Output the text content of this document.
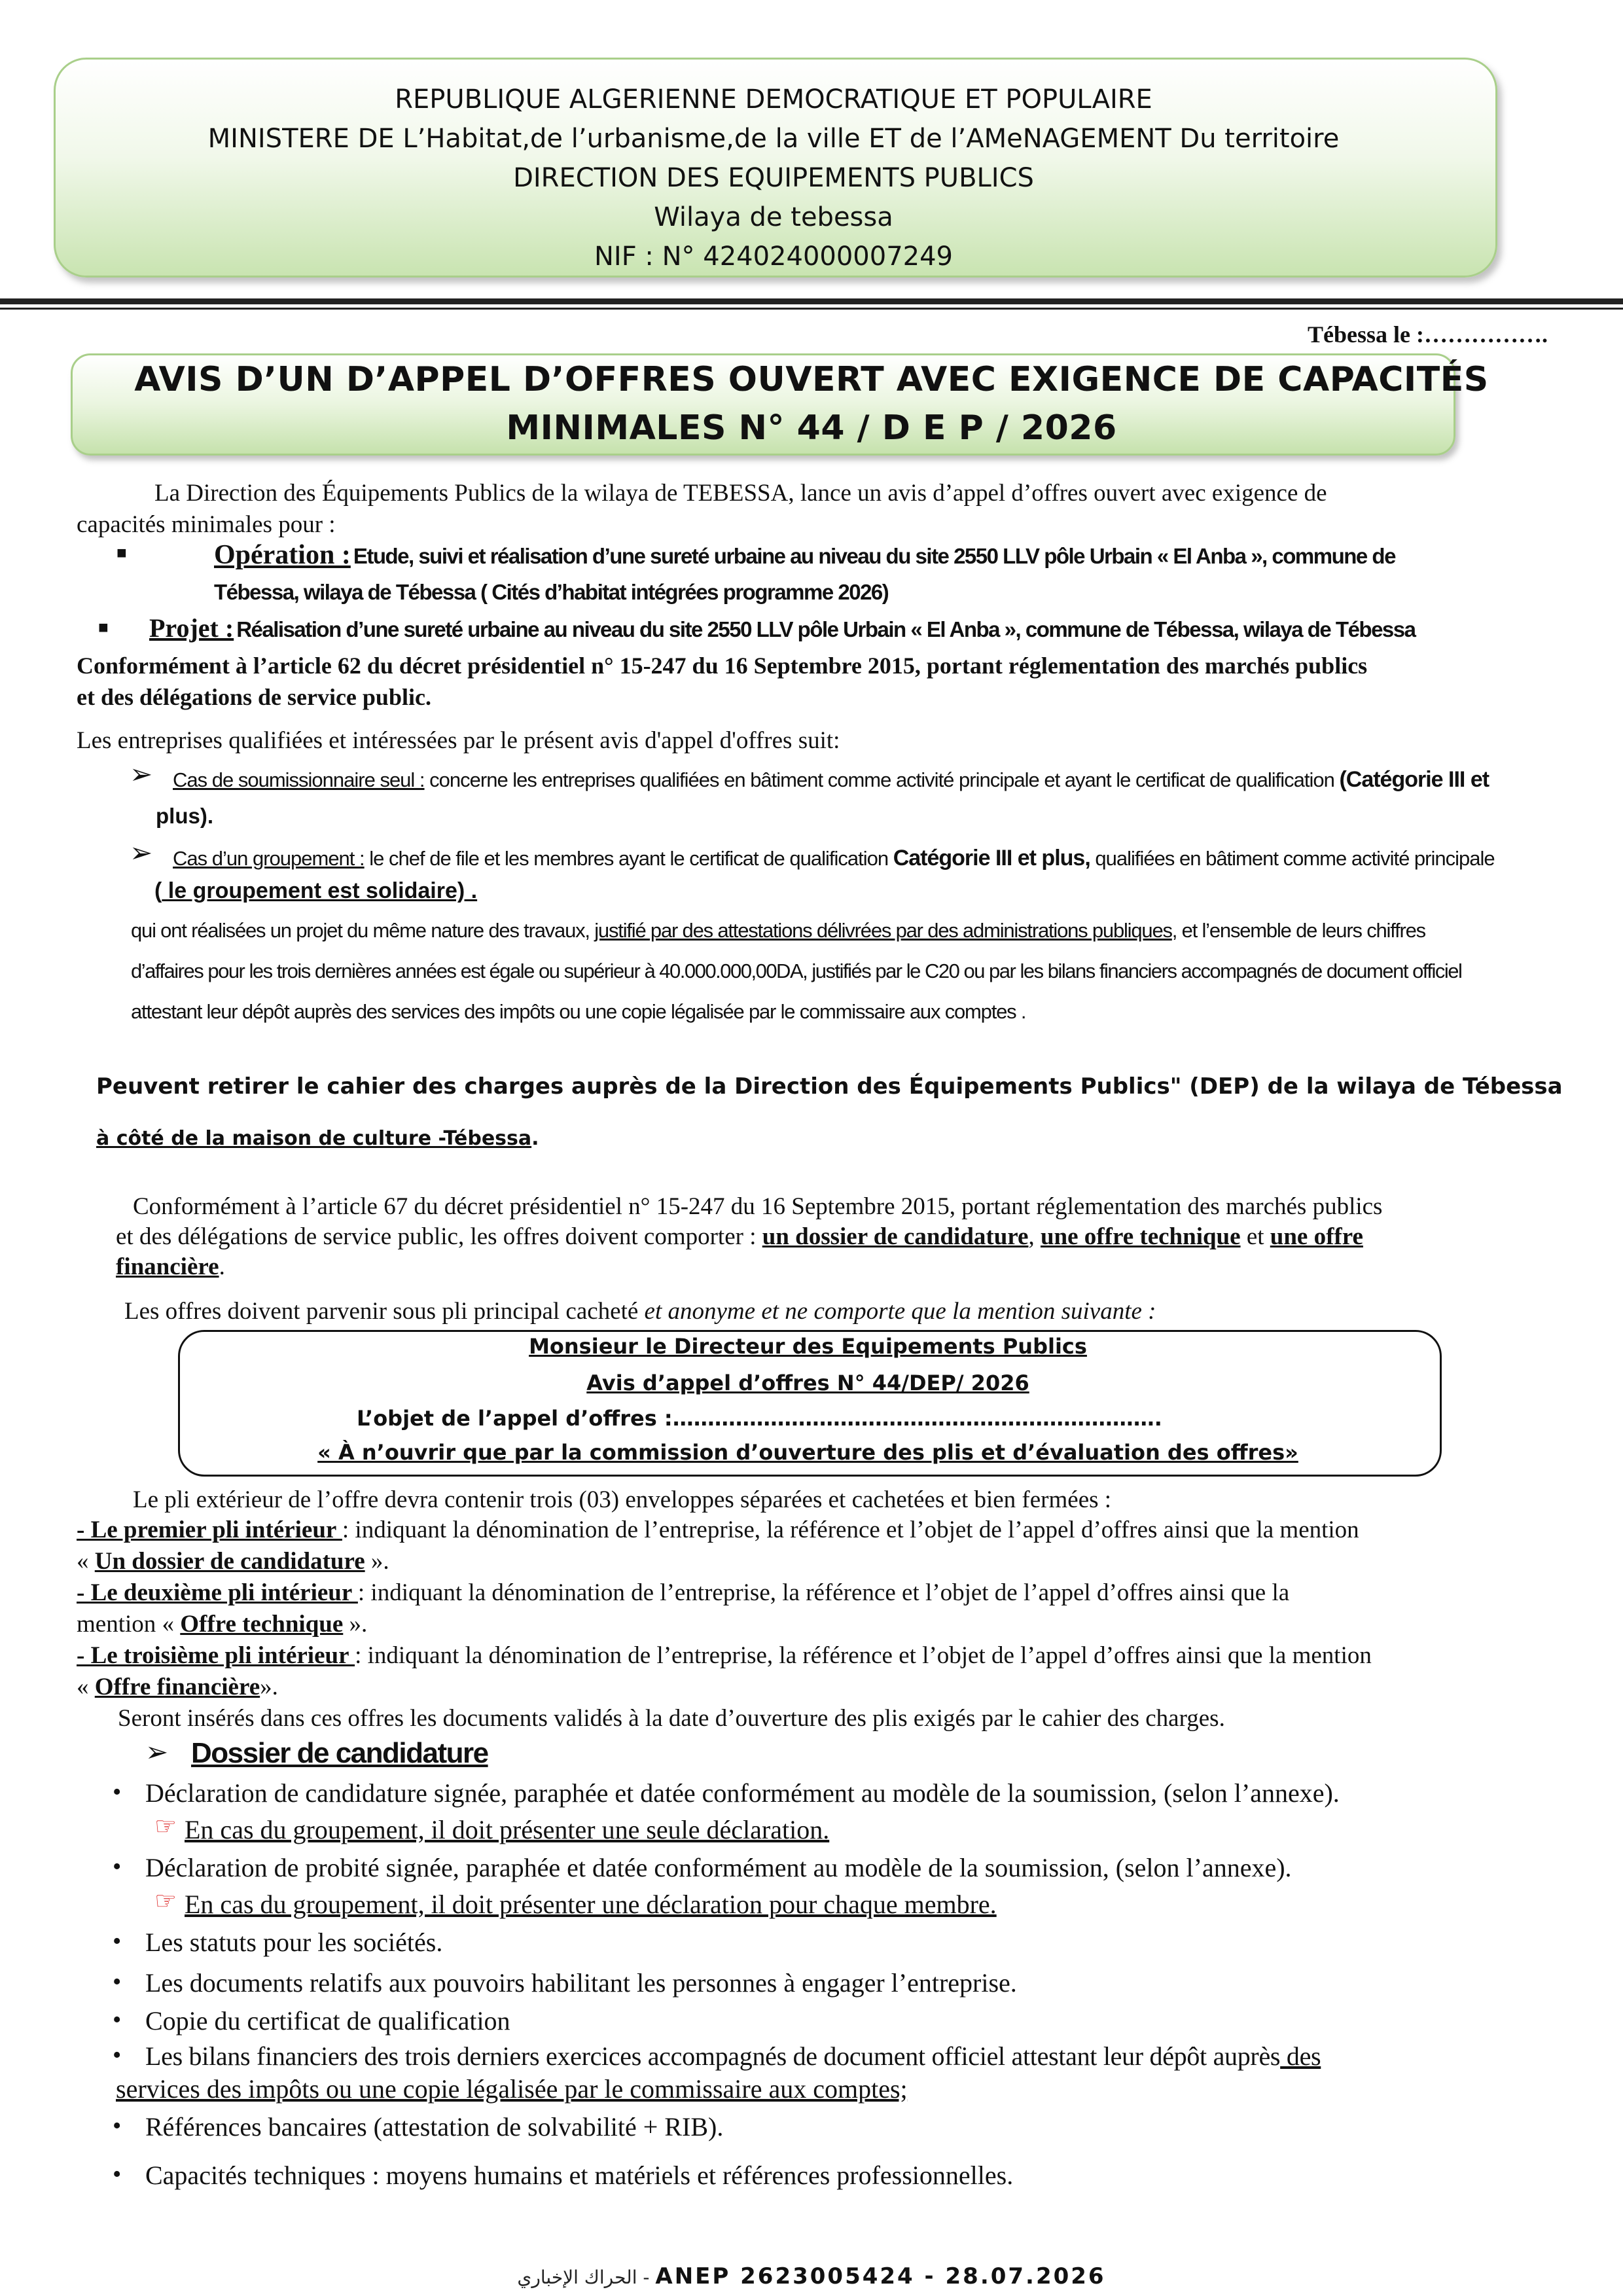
REPUBLIQUE ALGERIENNE DEMOCRATIQUE ET POPULAIRE
MINISTERE DE L’Habitat,de l’urbanisme,de la ville ET de l’AMeNAGEMENT Du territoire
DIRECTION DES EQUIPEMENTS PUBLICS
Wilaya de tebessa
NIF : N° 424024000007249
Tébessa le :…………….
AVIS D’UN D’APPEL D’OFFRES OUVERT AVEC EXIGENCE DE CAPACITÉS
MINIMALES N° 44 / D E P / 2026
La Direction des Équipements Publics de la wilaya de TEBESSA, lance un avis d’appel d’offres ouvert avec exigence de
capacités minimales pour :
■	Opération : Etude, suivi et réalisation d’une sureté urbaine au niveau du site 2550 LLV pôle Urbain « El Anba », commune de
Tébessa, wilaya de Tébessa ( Cités d’habitat intégrées programme 2026)
■ Projet : Réalisation d’une sureté urbaine au niveau du site 2550 LLV pôle Urbain « El Anba », commune de Tébessa, wilaya de Tébessa
Conformément à l’article 62 du décret présidentiel n° 15-247 du 16 Septembre 2015, portant réglementation des marchés publics
et des délégations de service public.
Les entreprises qualifiées et intéressées par le présent avis d'appel d'offres suit:
➢ Cas de soumissionnaire seul : concerne les entreprises qualifiées en bâtiment comme activité principale et ayant le certificat de qualification (Catégorie III et
plus).
➢ Cas d’un groupement : le chef de file et les membres ayant le certificat de qualification Catégorie III et plus, qualifiées en bâtiment comme activité principale
( le groupement est solidaire) .
qui ont réalisées un projet du même nature des travaux, justifié par des attestations délivrées par des administrations publiques, et l’ensemble de leurs chiffres
d’affaires pour les trois dernières années est égale ou supérieur à 40.000.000,00DA, justifiés par le C20 ou par les bilans financiers accompagnés de document officiel
attestant leur dépôt auprès des services des impôts ou une copie légalisée par le commissaire aux comptes .
Peuvent retirer le cahier des charges auprès de la Direction des Équipements Publics" (DEP) de la wilaya de Tébessa
à côté de la maison de culture -Tébessa.
Conformément à l’article 67 du décret présidentiel n° 15-247 du 16 Septembre 2015, portant réglementation des marchés publics
et des délégations de service public, les offres doivent comporter : un dossier de candidature, une offre technique et une offre
financière.
Les offres doivent parvenir sous pli principal cacheté et anonyme et ne comporte que la mention suivante :
Monsieur le Directeur des Equipements Publics
Avis d’appel d’offres N° 44/DEP/ 2026
L’objet de l’appel d’offres :…………………………………………………………….
« À n’ouvrir que par la commission d’ouverture des plis et d’évaluation des offres»
Le pli extérieur de l’offre devra contenir trois (03) enveloppes séparées et cachetées et bien fermées :
- Le premier pli intérieur : indiquant la dénomination de l’entreprise, la référence et l’objet de l’appel d’offres ainsi que la mention
« Un dossier de candidature ».
- Le deuxième pli intérieur : indiquant la dénomination de l’entreprise, la référence et l’objet de l’appel d’offres ainsi que la
mention « Offre technique ».
- Le troisième pli intérieur : indiquant la dénomination de l’entreprise, la référence et l’objet de l’appel d’offres ainsi que la mention
« Offre financière».
Seront insérés dans ces offres les documents validés à la date d’ouverture des plis exigés par le cahier des charges.
➢ Dossier de candidature
• Déclaration de candidature signée, paraphée et datée conformément au modèle de la soumission, (selon l’annexe).
☞ En cas du groupement, il doit présenter une seule déclaration.
• Déclaration de probité signée, paraphée et datée conformément au modèle de la soumission, (selon l’annexe).
☞ En cas du groupement, il doit présenter une déclaration pour chaque membre.
• Les statuts pour les sociétés.
• Les documents relatifs aux pouvoirs habilitant les personnes à engager l’entreprise.
• Copie du certificat de qualification
• Les bilans financiers des trois derniers exercices accompagnés de document officiel attestant leur dépôt auprès des
services des impôts ou une copie légalisée par le commissaire aux comptes;
• Références bancaires (attestation de solvabilité + RIB).
• Capacités techniques : moyens humains et matériels et références professionnelles.
الحراك الإخباري - ANEP 2623005424 - 28.07.2026
